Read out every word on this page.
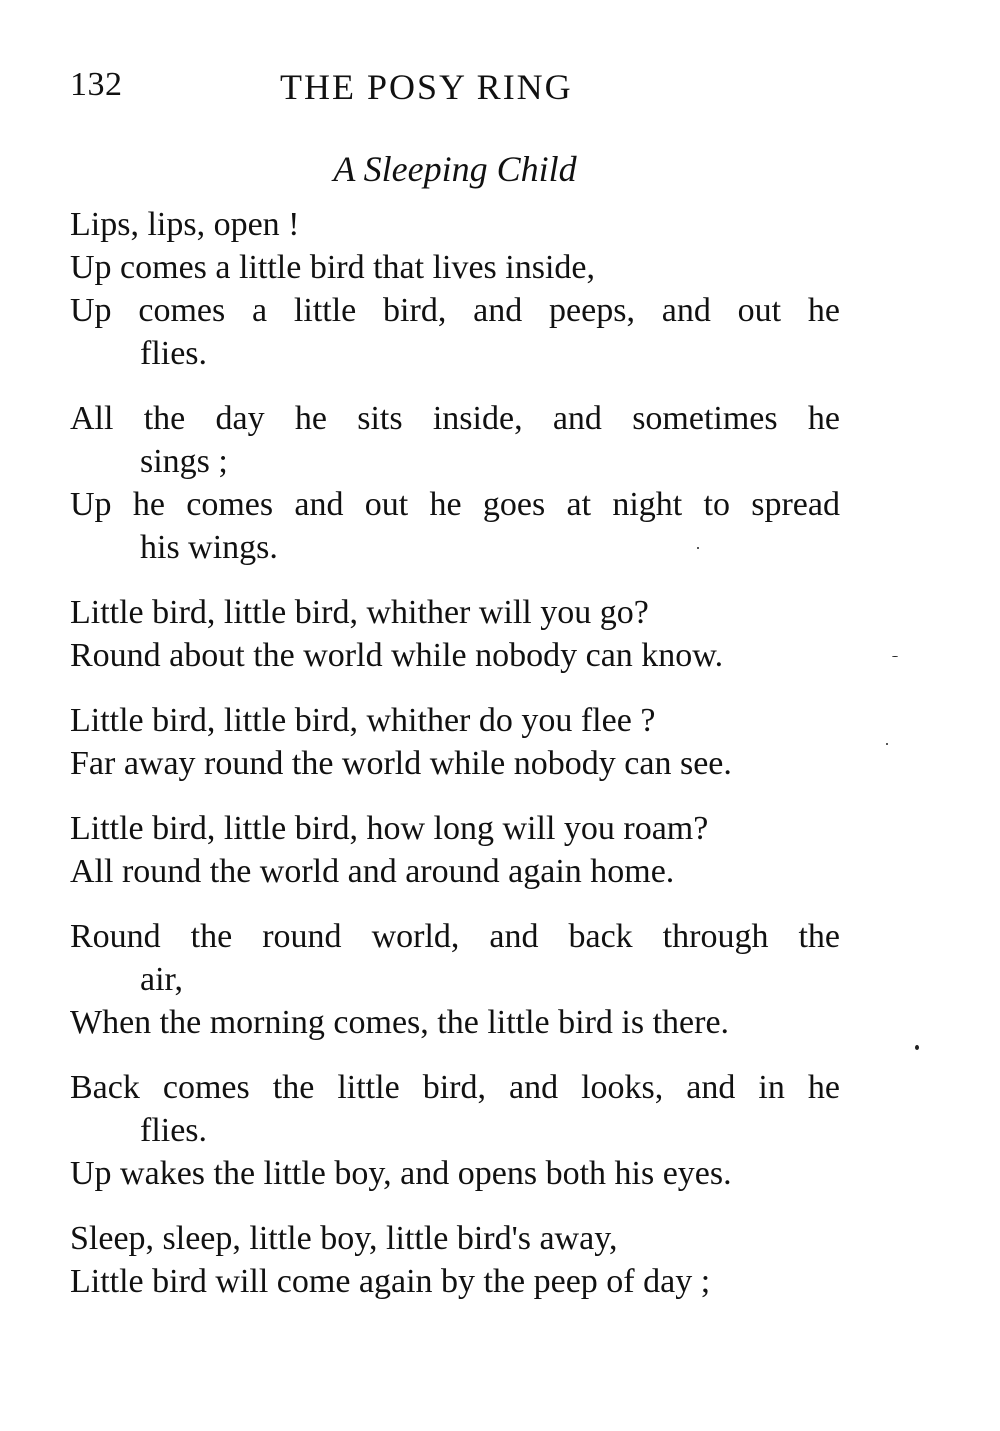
132	THE POSY RING
A Sleeping Child
Lips, lips, open !
Up comes a little bird that lives inside,
Up comes a little bird, and peeps, and out he
flies.
All the day he sits inside, and sometimes he
sings ;
Up he comes and out he goes at night to spread
his wings.
Little bird, little bird, whither will you go?
Round about the world while nobody can know.
Little bird, little bird, whither do you flee ?
Far away round the world while nobody can see.
Little bird, little bird, how long will you roam?
All round the world and around again home.
Round the round world, and back through the
air,
When the morning comes, the little bird is there.
Back comes the little bird, and looks, and in he
flies.
Up wakes the little boy, and opens both his eyes.
Sleep, sleep, little boy, little bird's away,
Little bird will come again by the peep of day ;
